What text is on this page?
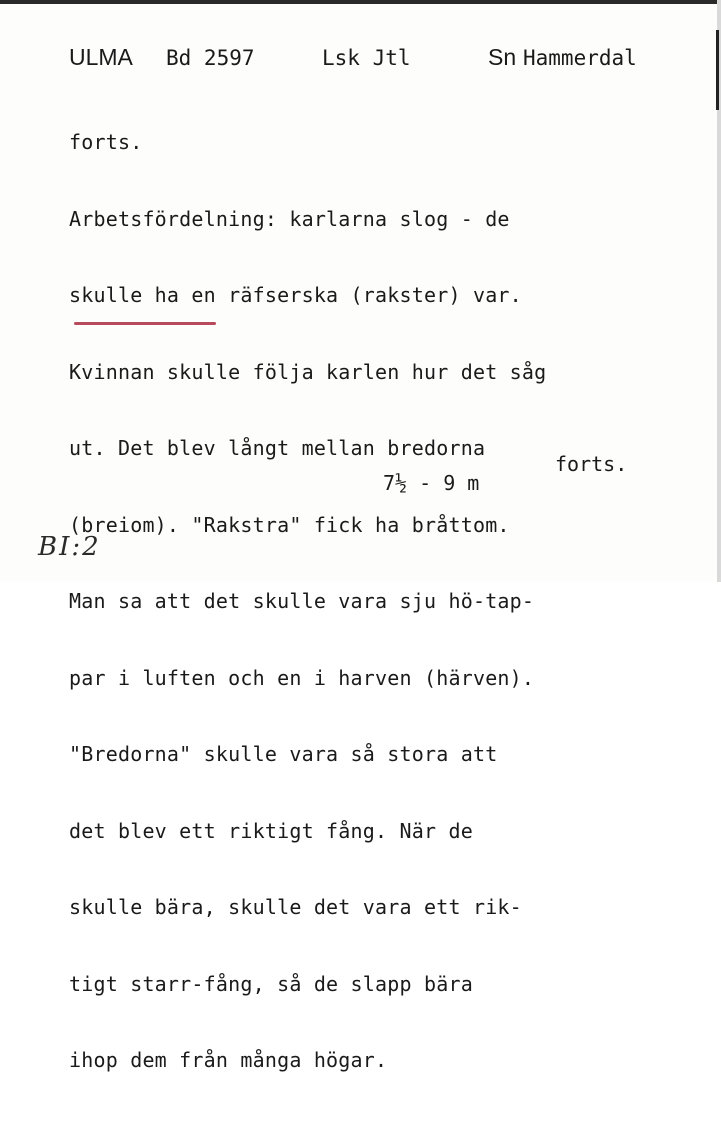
ULMA Bd 2597	Lsk Jtl	Sn Hammerdal

forts.

Arbetsfördelning: karlarna slog - de

skulle ha en räfserska (rakster) var.

Kvinnan skulle följa karlen hur det såg

ut. Det blev långt mellan bredorna

(breiom). "Rakstra" fick ha bråttom.

Man sa att det skulle vara sju hö-tap-

par i luften och en i harven (härven).

"Bredorna" skulle vara så stora att

det blev ett riktigt fång. När de

skulle bära, skulle det vara ett rik-

tigt starr-fång, så de slapp bära

ihop dem från många högar.

forts.
7½ - 9 m
BI:2
